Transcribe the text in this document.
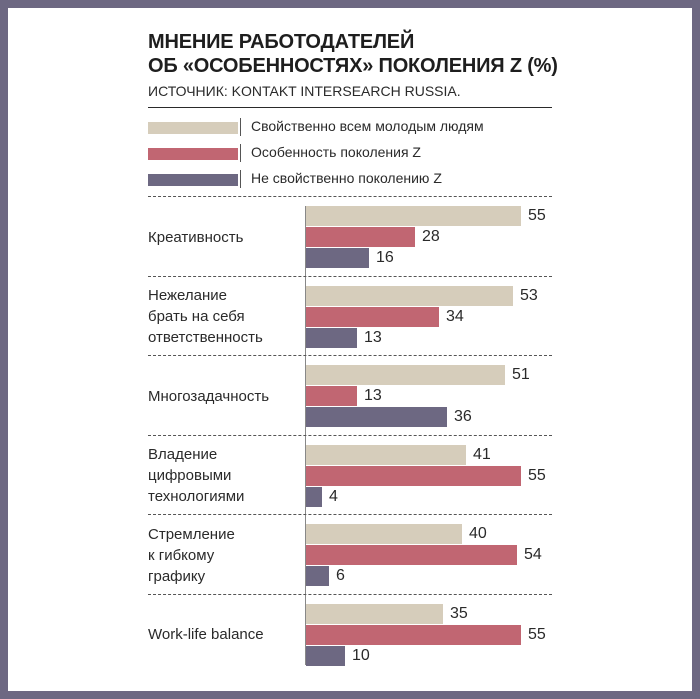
МНЕНИЕ РАБОТОДАТЕЛЕЙ
ОБ «ОСОБЕННОСТЯХ» ПОКОЛЕНИЯ Z (%)
ИСТОЧНИК: KONTAKT INTERSEARCH RUSSIA.
Свойственно всем молодым людям
Особенность поколения Z
Не свойственно поколению Z
Креативность
55
28
16
Нежелание
брать на себя
ответственность
53
34
13
Многозадачность
51
13
36
Владение
цифровыми
технологиями
41
55
4
Стремление
к гибкому
графику
40
54
6
Work-life balance
35
55
10
